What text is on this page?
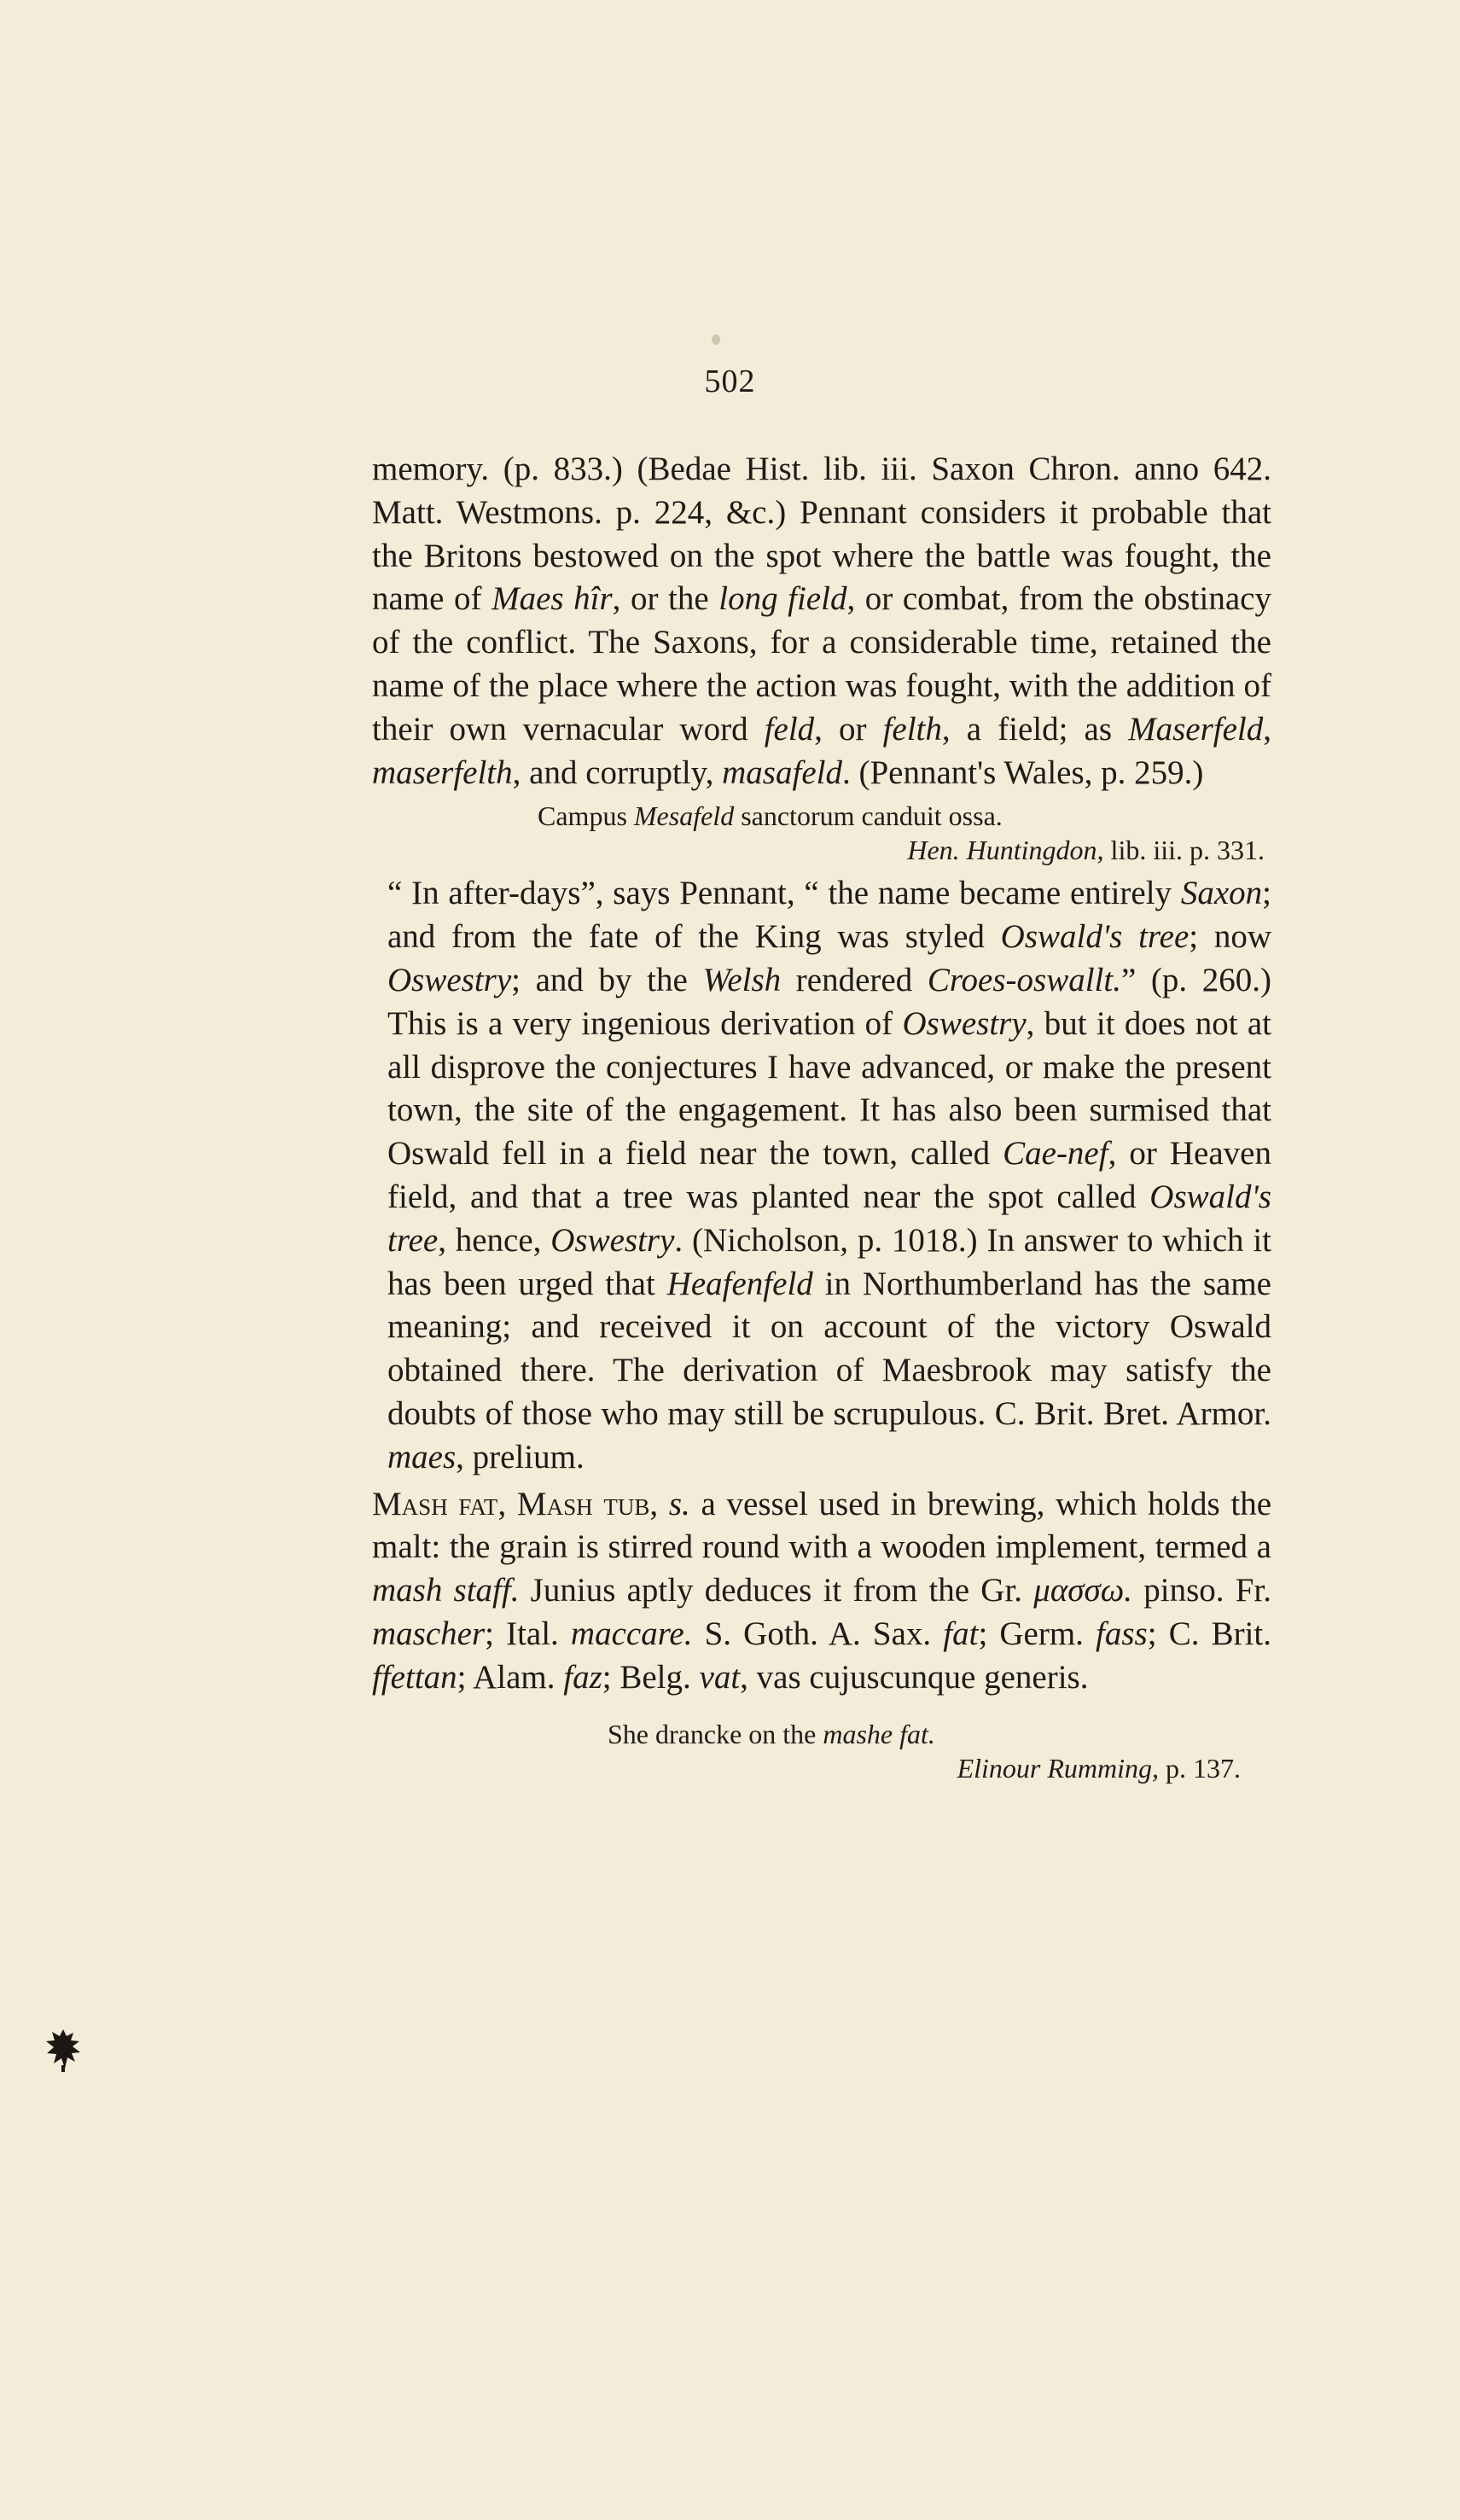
502

memory. (p. 833.) (Bedae Hist. lib. iii. Saxon Chron. anno 642. Matt. Westmons. p. 224, &c.) Pennant considers it probable that the Britons bestowed on the spot where the battle was fought, the name of Maes hîr, or the long field, or combat, from the obstinacy of the conflict. The Saxons, for a considerable time, retained the name of the place where the action was fought, with the addition of their own vernacular word feld, or felth, a field; as Maserfeld, maserfelth, and corruptly, masafeld. (Pennant's Wales, p. 259.)

Campus Mesafeld sanctorum canduit ossa.
Hen. Huntingdon, lib. iii. p. 331.

“ In after-days”, says Pennant, “ the name became entirely Saxon; and from the fate of the King was styled Oswald's tree; now Oswestry; and by the Welsh rendered Croes-oswallt.” (p. 260.) This is a very ingenious derivation of Oswestry, but it does not at all disprove the conjectures I have advanced, or make the present town, the site of the engagement. It has also been surmised that Oswald fell in a field near the town, called Cae-nef, or Heaven field, and that a tree was planted near the spot called Oswald's tree, hence, Oswestry. (Nicholson, p. 1018.) In answer to which it has been urged that Heafenfeld in Northumberland has the same meaning; and received it on account of the victory Oswald obtained there. The derivation of Maesbrook may satisfy the doubts of those who may still be scrupulous. C. Brit. Bret. Armor. maes, prelium.

Mash fat, Mash tub, s. a vessel used in brewing, which holds the malt: the grain is stirred round with a wooden implement, termed a mash staff. Junius aptly deduces it from the Gr. μασσω. pinso. Fr. mascher; Ital. maccare. S. Goth. A. Sax. fat; Germ. fass; C. Brit. ffettan; Alam. faz; Belg. vat, vas cujuscunque generis.

She drancke on the mashe fat.
Elinour Rumming, p. 137.
